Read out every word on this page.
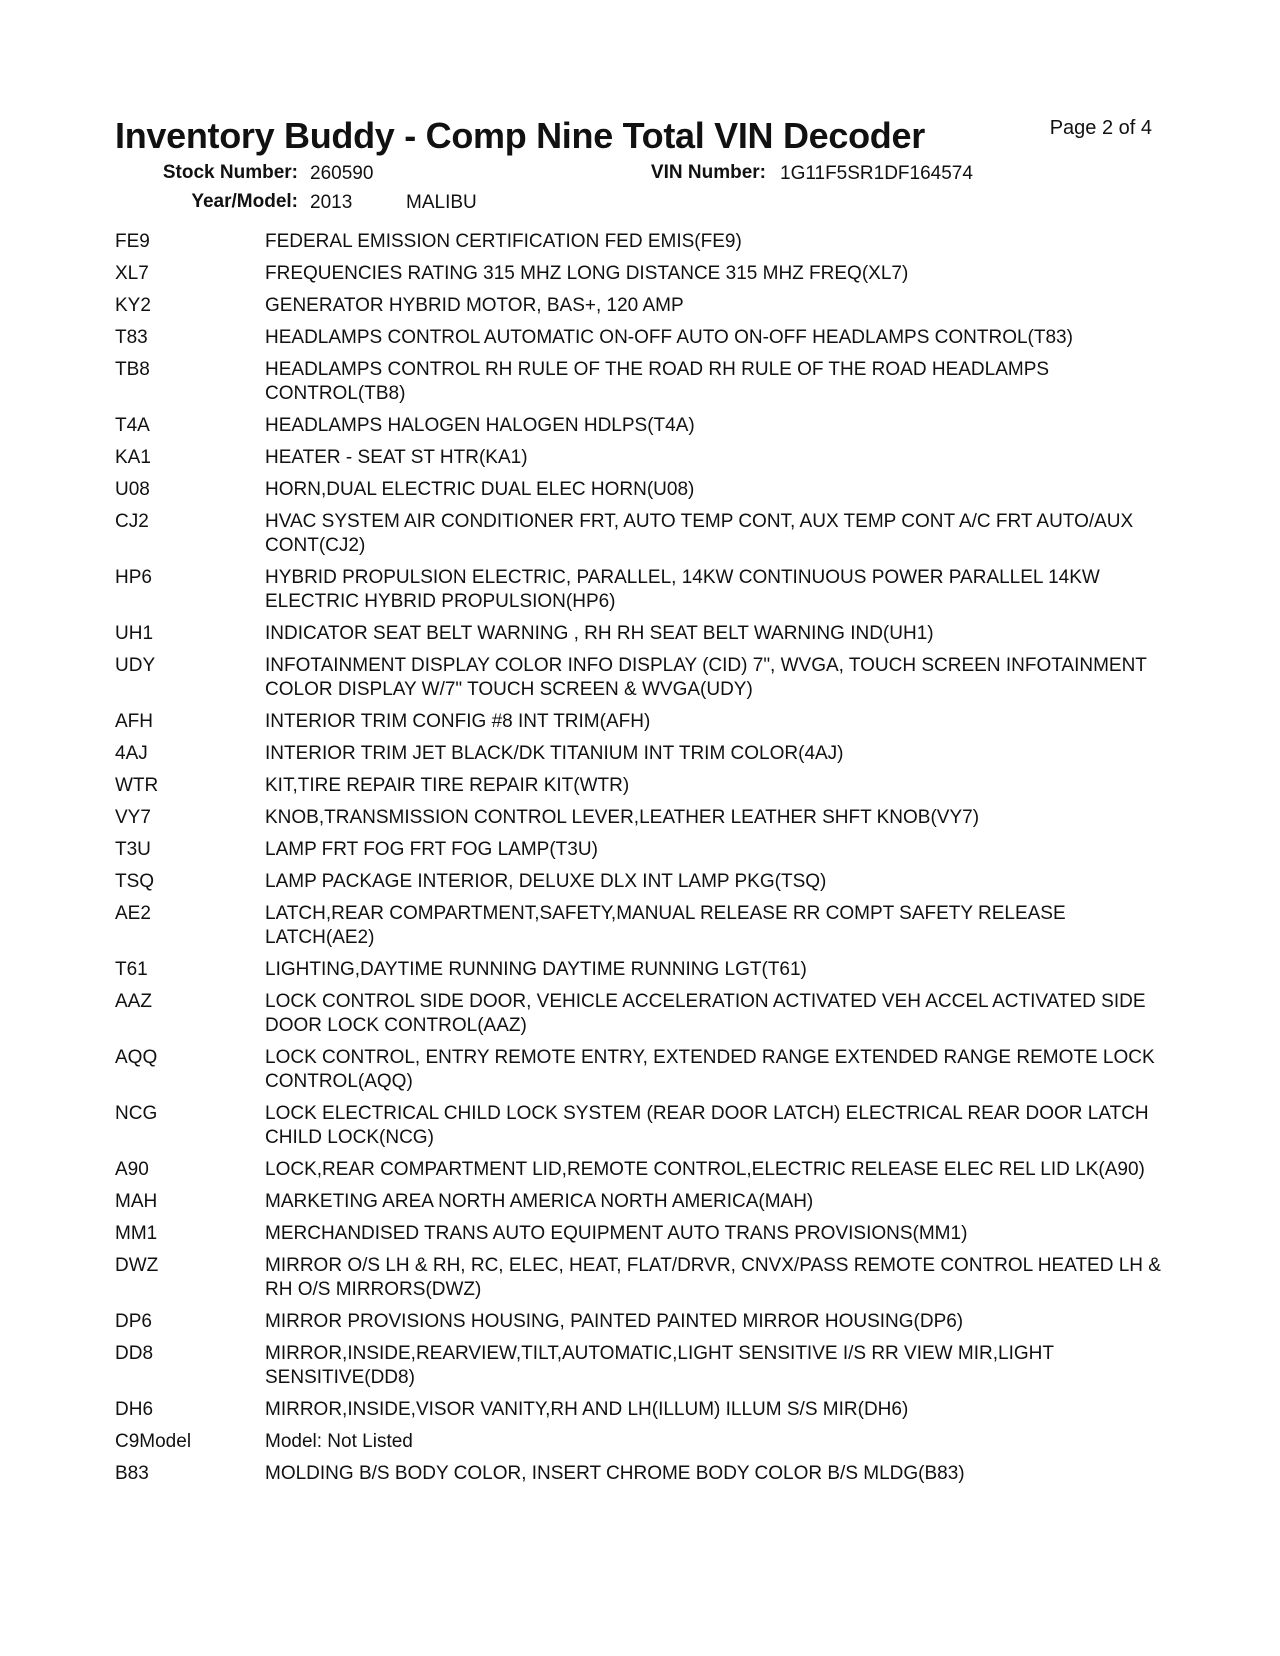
Inventory Buddy - Comp Nine Total VIN Decoder	Page 2 of 4
Stock Number: 260590	VIN Number: 1G11F5SR1DF164574
Year/Model: 2013	MALIBU
FE9	FEDERAL EMISSION CERTIFICATION FED EMIS(FE9)
XL7	FREQUENCIES RATING 315 MHZ LONG DISTANCE 315 MHZ FREQ(XL7)
KY2	GENERATOR HYBRID MOTOR, BAS+, 120 AMP
T83	HEADLAMPS CONTROL AUTOMATIC ON-OFF AUTO ON-OFF HEADLAMPS CONTROL(T83)
TB8	HEADLAMPS CONTROL RH RULE OF THE ROAD RH RULE OF THE ROAD HEADLAMPS CONTROL(TB8)
T4A	HEADLAMPS HALOGEN HALOGEN HDLPS(T4A)
KA1	HEATER - SEAT ST HTR(KA1)
U08	HORN,DUAL ELECTRIC DUAL ELEC HORN(U08)
CJ2	HVAC SYSTEM AIR CONDITIONER FRT, AUTO TEMP CONT, AUX TEMP CONT A/C FRT AUTO/AUX CONT(CJ2)
HP6	HYBRID PROPULSION ELECTRIC, PARALLEL, 14KW CONTINUOUS POWER PARALLEL 14KW ELECTRIC HYBRID PROPULSION(HP6)
UH1	INDICATOR SEAT BELT WARNING , RH RH SEAT BELT WARNING IND(UH1)
UDY	INFOTAINMENT DISPLAY COLOR INFO DISPLAY (CID) 7", WVGA, TOUCH SCREEN INFOTAINMENT COLOR DISPLAY W/7" TOUCH SCREEN & WVGA(UDY)
AFH	INTERIOR TRIM CONFIG #8 INT TRIM(AFH)
4AJ	INTERIOR TRIM JET BLACK/DK TITANIUM INT TRIM COLOR(4AJ)
WTR	KIT,TIRE REPAIR TIRE REPAIR KIT(WTR)
VY7	KNOB,TRANSMISSION CONTROL LEVER,LEATHER LEATHER SHFT KNOB(VY7)
T3U	LAMP FRT FOG FRT FOG LAMP(T3U)
TSQ	LAMP PACKAGE INTERIOR, DELUXE DLX INT LAMP PKG(TSQ)
AE2	LATCH,REAR COMPARTMENT,SAFETY,MANUAL RELEASE RR COMPT SAFETY RELEASE LATCH(AE2)
T61	LIGHTING,DAYTIME RUNNING DAYTIME RUNNING LGT(T61)
AAZ	LOCK CONTROL SIDE DOOR, VEHICLE ACCELERATION ACTIVATED VEH ACCEL ACTIVATED SIDE DOOR LOCK CONTROL(AAZ)
AQQ	LOCK CONTROL, ENTRY REMOTE ENTRY, EXTENDED RANGE EXTENDED RANGE REMOTE LOCK CONTROL(AQQ)
NCG	LOCK ELECTRICAL CHILD LOCK SYSTEM (REAR DOOR LATCH) ELECTRICAL REAR DOOR LATCH CHILD LOCK(NCG)
A90	LOCK,REAR COMPARTMENT LID,REMOTE CONTROL,ELECTRIC RELEASE ELEC REL LID LK(A90)
MAH	MARKETING AREA NORTH AMERICA NORTH AMERICA(MAH)
MM1	MERCHANDISED TRANS AUTO EQUIPMENT AUTO TRANS PROVISIONS(MM1)
DWZ	MIRROR O/S LH & RH, RC, ELEC, HEAT, FLAT/DRVR, CNVX/PASS REMOTE CONTROL HEATED LH & RH O/S MIRRORS(DWZ)
DP6	MIRROR PROVISIONS HOUSING, PAINTED PAINTED MIRROR HOUSING(DP6)
DD8	MIRROR,INSIDE,REARVIEW,TILT,AUTOMATIC,LIGHT SENSITIVE I/S RR VIEW MIR,LIGHT SENSITIVE(DD8)
DH6	MIRROR,INSIDE,VISOR VANITY,RH AND LH(ILLUM) ILLUM S/S MIR(DH6)
C9Model	Model: Not Listed
B83	MOLDING B/S BODY COLOR, INSERT CHROME BODY COLOR B/S MLDG(B83)
